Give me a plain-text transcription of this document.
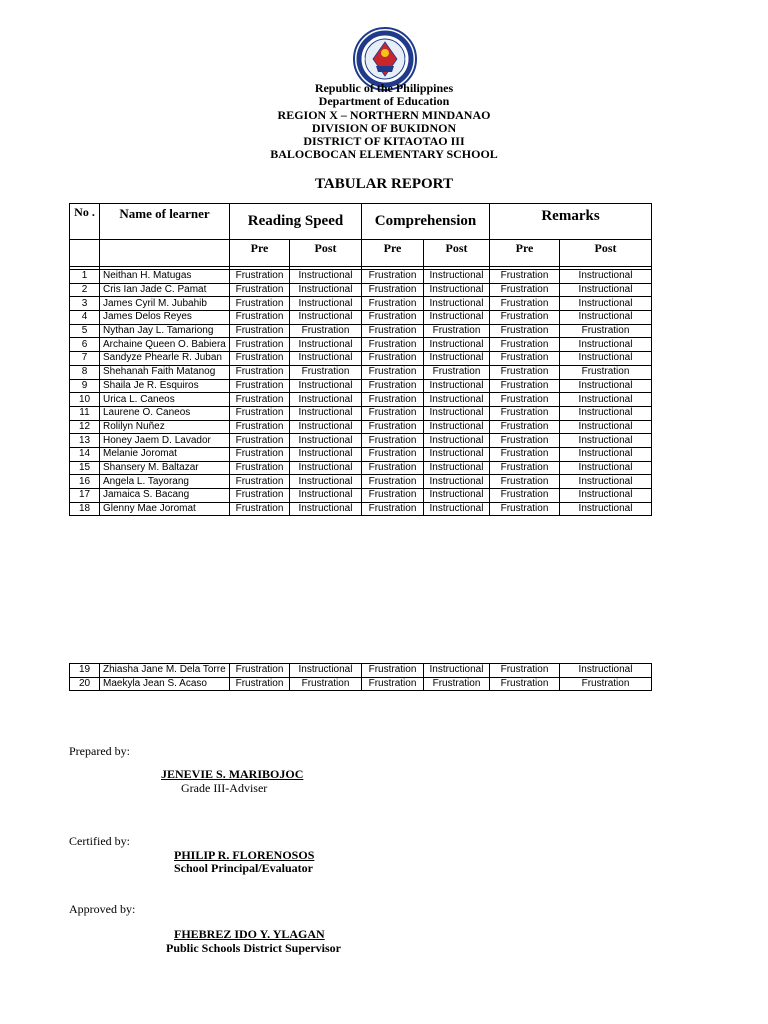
Republic of the Philippines
Department of Education
REGION X – NORTHERN MINDANAO
DIVISION OF BUKIDNON
DISTRICT OF KITAOTAO III
BALOCBOCAN ELEMENTARY SCHOOL
TABULAR REPORT
No .	Name of learner	Reading Speed		Comprehension		Remarks	
		Pre	Post	Pre	Post	Pre	Post

1	Neithan H. Matugas	Frustration	Instructional	Frustration	Instructional	Frustration	Instructional
2	Cris Ian Jade C. Pamat	Frustration	Instructional	Frustration	Instructional	Frustration	Instructional
3	James Cyril M. Jubahib	Frustration	Instructional	Frustration	Instructional	Frustration	Instructional
4	James Delos Reyes	Frustration	Instructional	Frustration	Instructional	Frustration	Instructional
5	Nythan Jay L. Tamariong	Frustration	Frustration	Frustration	Frustration	Frustration	Frustration
6	Archaine Queen O. Babiera	Frustration	Instructional	Frustration	Instructional	Frustration	Instructional
7	Sandyze Phearle R. Juban	Frustration	Instructional	Frustration	Instructional	Frustration	Instructional
8	Shehanah Faith Matanog	Frustration	Frustration	Frustration	Frustration	Frustration	Frustration
9	Shaila Je R. Esquiros	Frustration	Instructional	Frustration	Instructional	Frustration	Instructional
10	Urica L. Caneos	Frustration	Instructional	Frustration	Instructional	Frustration	Instructional
11	Laurene O. Caneos	Frustration	Instructional	Frustration	Instructional	Frustration	Instructional
12	Rolilyn Nuñez	Frustration	Instructional	Frustration	Instructional	Frustration	Instructional
13	Honey Jaem D. Lavador	Frustration	Instructional	Frustration	Instructional	Frustration	Instructional
14	Melanie Joromat	Frustration	Instructional	Frustration	Instructional	Frustration	Instructional
15	Shansery M. Baltazar	Frustration	Instructional	Frustration	Instructional	Frustration	Instructional
16	Angela L. Tayorang	Frustration	Instructional	Frustration	Instructional	Frustration	Instructional
17	Jamaica S. Bacang	Frustration	Instructional	Frustration	Instructional	Frustration	Instructional
18	Glenny Mae Joromat	Frustration	Instructional	Frustration	Instructional	Frustration	Instructional
19	Zhiasha Jane M. Dela Torre	Frustration	Instructional	Frustration	Instructional	Frustration	Instructional
20	Maekyla Jean S. Acaso	Frustration	Frustration	Frustration	Frustration	Frustration	Frustration
Prepared by:
JENEVIE S. MARIBOJOC
Grade III-Adviser
Certified by:
PHILIP R. FLORENOSOS
School Principal/Evaluator
Approved by:
FHEBREZ IDO Y. YLAGAN
Public Schools District Supervisor
